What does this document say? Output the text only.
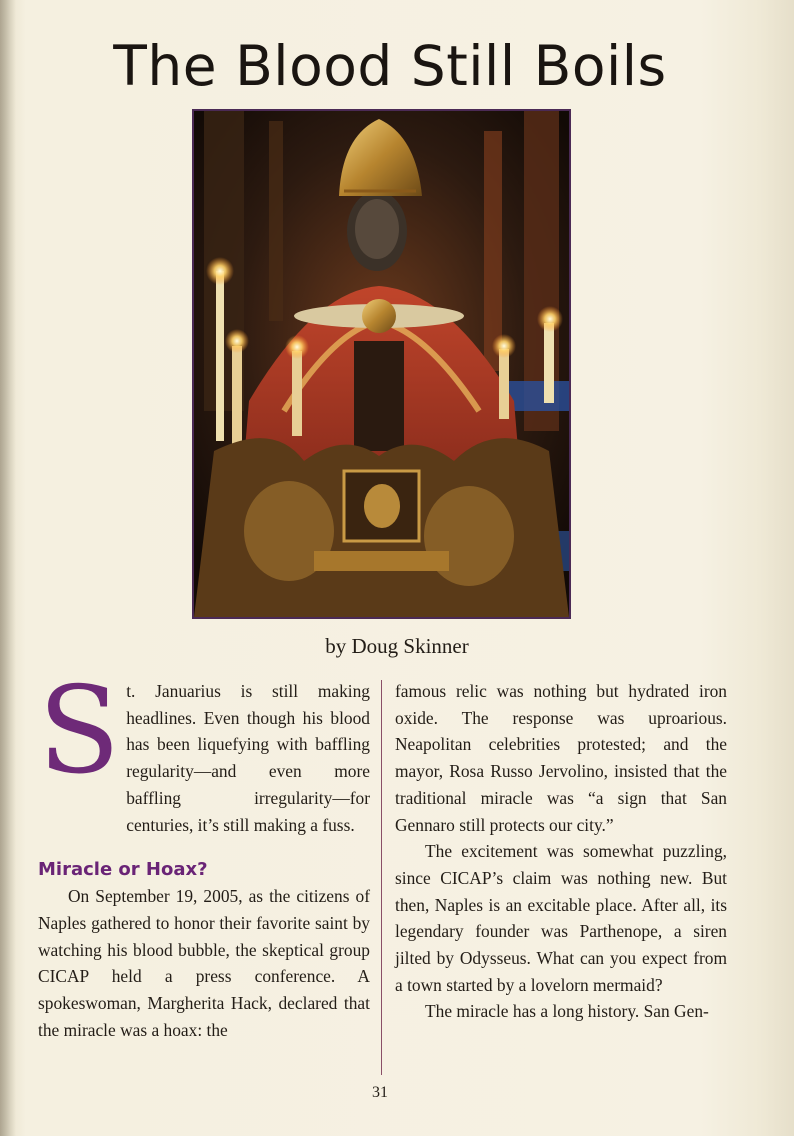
The Blood Still Boils
by Doug Skinner
S t. Januarius is still making headlines. Even though his blood has been liquefying with baffling regularity—and even more baffling irregularity—for centuries, it’s still making a fuss.
Miracle or Hoax?

On September 19, 2005, as the citizens of Naples gathered to honor their favorite saint by watching his blood bubble, the skeptical group CICAP held a press conference. A spokeswoman, Margherita Hack, declared that the miracle was a hoax: the

famous relic was nothing but hydrated iron oxide. The response was uproarious. Neapolitan celebrities protested; and the mayor, Rosa Russo Jervolino, insisted that the traditional miracle was “a sign that San Gennaro still protects our city.”

The excitement was somewhat puzzling, since CICAP’s claim was nothing new. But then, Naples is an excitable place. After all, its legendary founder was Parthenope, a siren jilted by Odysseus. What can you expect from a town started by a lovelorn mermaid?

The miracle has a long history. San Gen-

31
